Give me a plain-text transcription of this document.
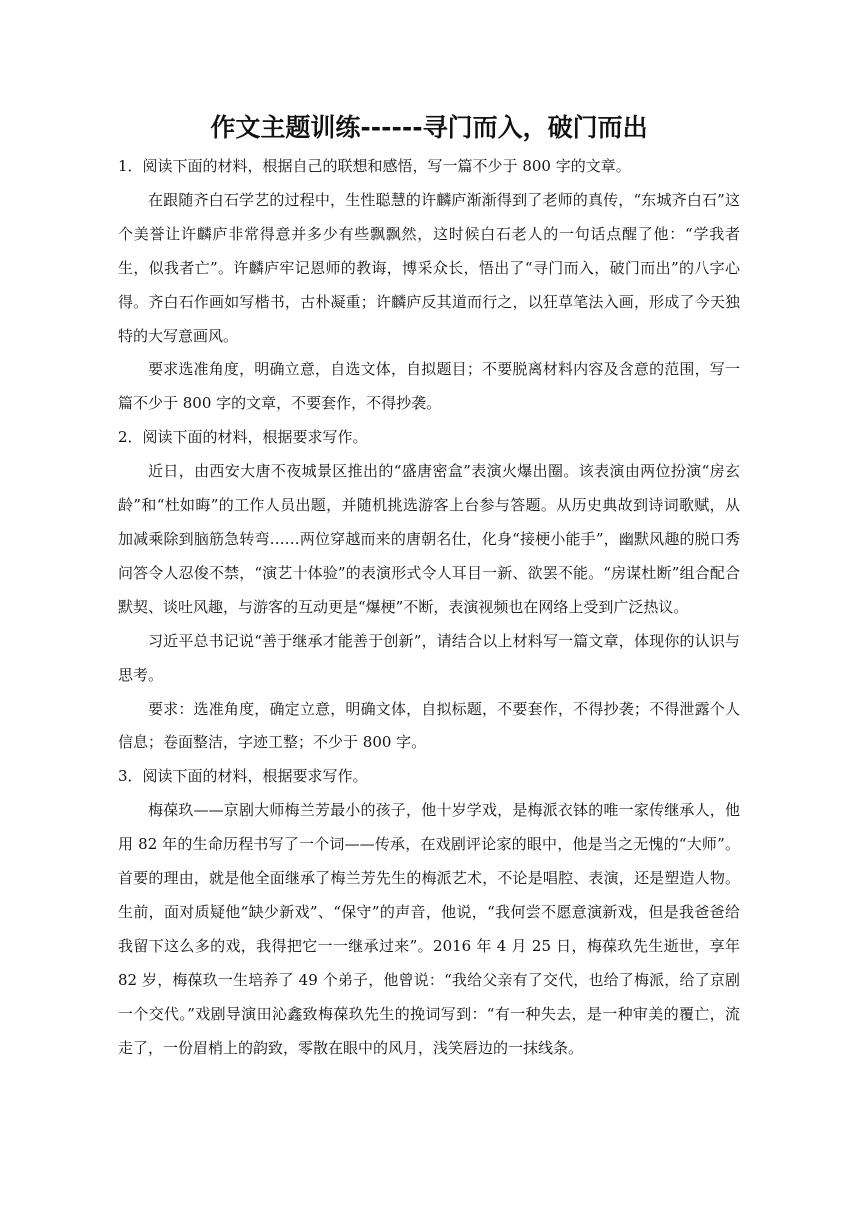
作文主题训练------寻门而入，破门而出

1．阅读下面的材料，根据自己的联想和感悟，写一篇不少于 800 字的文章。

在跟随齐白石学艺的过程中，生性聪慧的许麟庐渐渐得到了老师的真传，“东城齐白石”这个美誉让许麟庐非常得意并多少有些飘飘然，这时候白石老人的一句话点醒了他：“学我者生，似我者亡”。许麟庐牢记恩师的教诲，博采众长，悟出了“寻门而入，破门而出”的八字心得。齐白石作画如写楷书，古朴凝重；许麟庐反其道而行之，以狂草笔法入画，形成了今天独特的大写意画风。

要求选准角度，明确立意，自选文体，自拟题目；不要脱离材料内容及含意的范围，写一篇不少于 800 字的文章，不要套作，不得抄袭。

2．阅读下面的材料，根据要求写作。

近日，由西安大唐不夜城景区推出的“盛唐密盒”表演火爆出圈。该表演由两位扮演“房玄龄”和“杜如晦”的工作人员出题，并随机挑选游客上台参与答题。从历史典故到诗词歌赋，从加减乘除到脑筋急转弯……两位穿越而来的唐朝名仕，化身“接梗小能手”，幽默风趣的脱口秀问答令人忍俊不禁，“演艺十体验”的表演形式令人耳目一新、欲罢不能。“房谋杜断”组合配合默契、谈吐风趣，与游客的互动更是“爆梗”不断，表演视频也在网络上受到广泛热议。

习近平总书记说“善于继承才能善于创新”，请结合以上材料写一篇文章，体现你的认识与思考。

要求：选准角度，确定立意，明确文体，自拟标题，不要套作，不得抄袭；不得泄露个人信息；卷面整洁，字迹工整；不少于 800 字。

3．阅读下面的材料，根据要求写作。

梅葆玖——京剧大师梅兰芳最小的孩子，他十岁学戏，是梅派衣钵的唯一家传继承人，他用 82 年的生命历程书写了一个词——传承，在戏剧评论家的眼中，他是当之无愧的“大师”。首要的理由，就是他全面继承了梅兰芳先生的梅派艺术，不论是唱腔、表演，还是塑造人物。生前，面对质疑他“缺少新戏”、“保守”的声音，他说，“我何尝不愿意演新戏，但是我爸爸给我留下这么多的戏，我得把它一一继承过来”。2016 年 4 月 25 日，梅葆玖先生逝世，享年 82 岁，梅葆玖一生培养了 49 个弟子，他曾说：“我给父亲有了交代，也给了梅派，给了京剧一个交代。”戏剧导演田沁鑫致梅葆玖先生的挽词写到：“有一种失去，是一种审美的覆亡，流走了，一份眉梢上的韵致，零散在眼中的风月，浅笑唇边的一抹线条。
